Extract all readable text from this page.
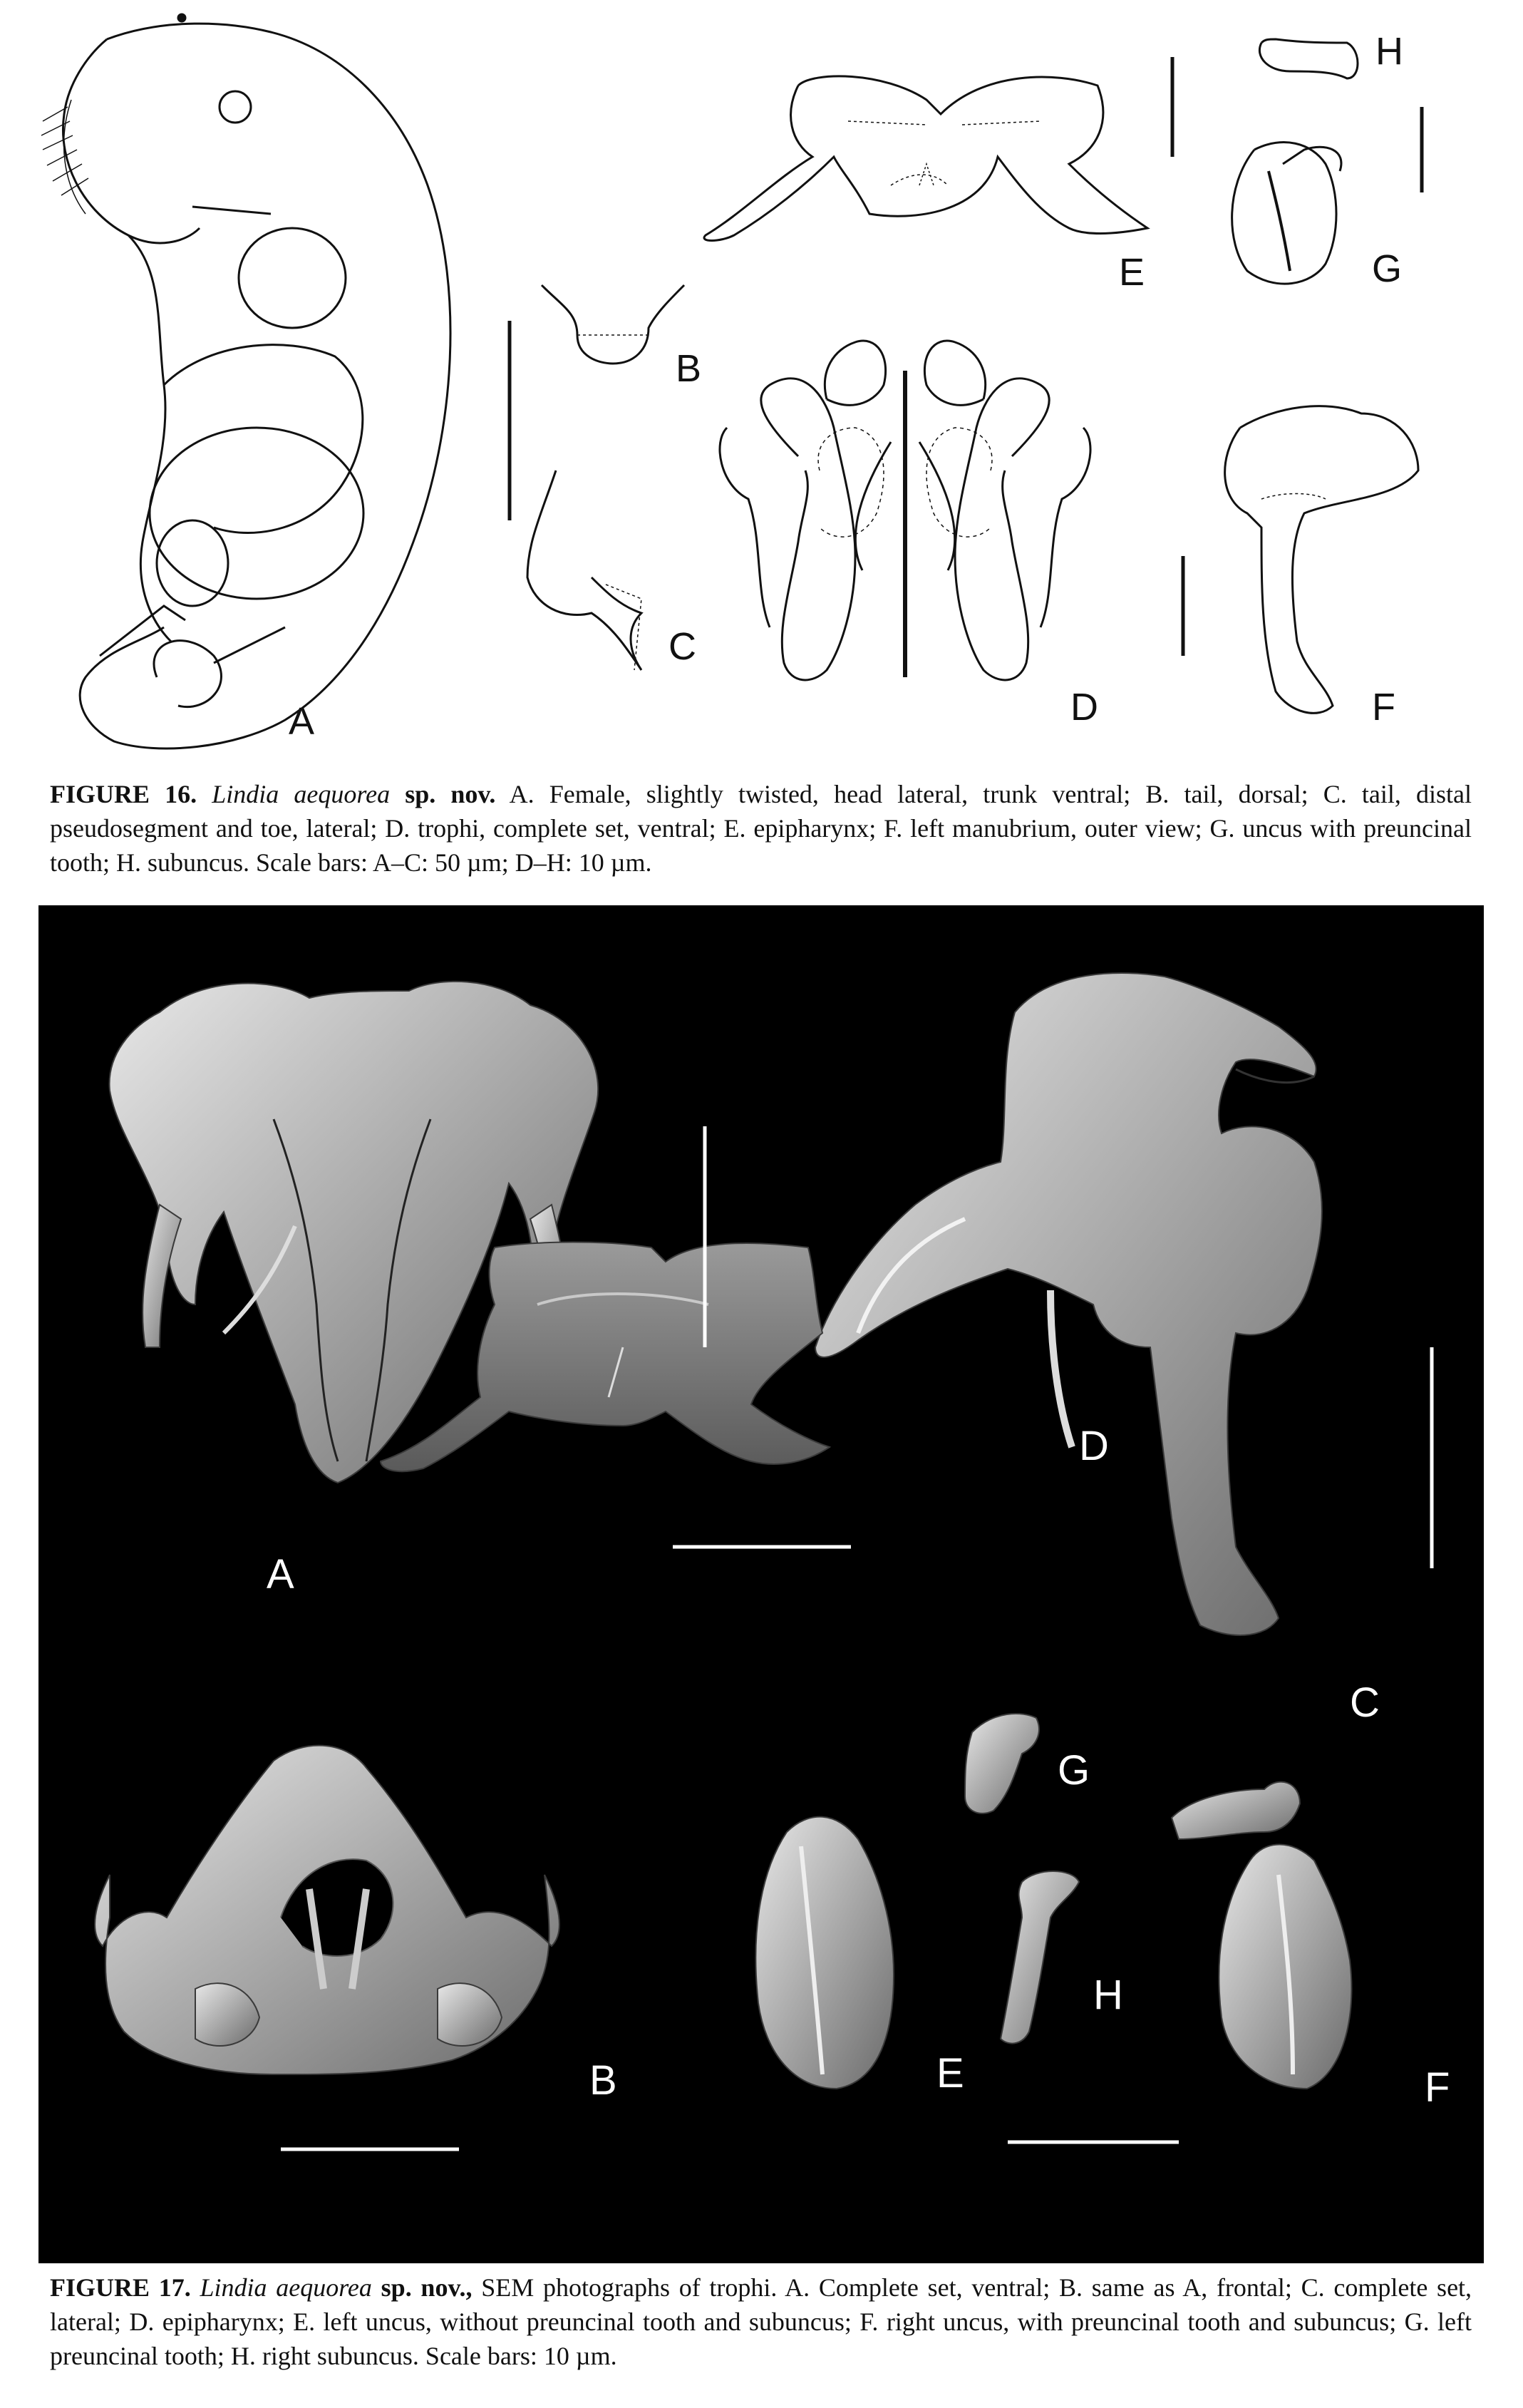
A
B
C
D
E
F
G
H
FIGURE 16. Lindia aequorea sp. nov. A. Female, slightly twisted, head lateral, trunk ventral; B. tail, dorsal; C. tail, distal pseudosegment and toe, lateral; D. trophi, complete set, ventral; E. epipharynx; F. left manubrium, outer view; G. uncus with preuncinal tooth; H. subuncus. Scale bars: A–C: 50 µm; D–H: 10 µm.
A
B
C
D
E	F
G
H
FIGURE 17. Lindia aequorea sp. nov., SEM photographs of trophi. A. Complete set, ventral; B. same as A, frontal; C. complete set, lateral; D. epipharynx; E. left uncus, without preuncinal tooth and subuncus; F. right uncus, with preuncinal tooth and subuncus; G. left preuncinal tooth; H. right subuncus. Scale bars: 10 µm.
